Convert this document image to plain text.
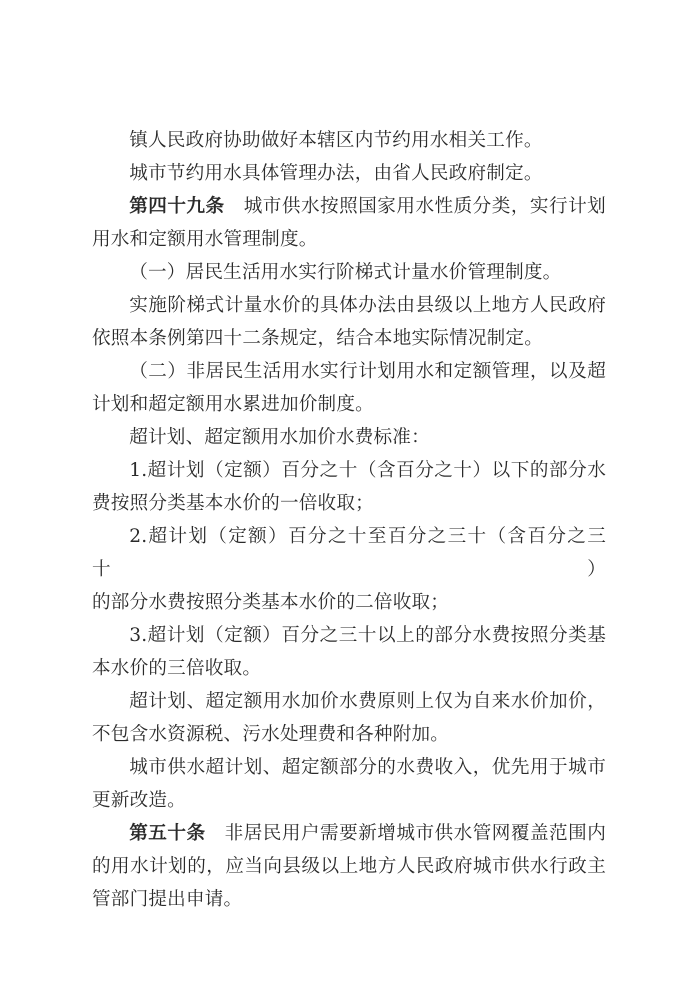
镇人民政府协助做好本辖区内节约用水相关工作。
城市节约用水具体管理办法，由省人民政府制定。
第四十九条　城市供水按照国家用水性质分类，实行计划
用水和定额用水管理制度。
（一）居民生活用水实行阶梯式计量水价管理制度。
实施阶梯式计量水价的具体办法由县级以上地方人民政府
依照本条例第四十二条规定，结合本地实际情况制定。
（二）非居民生活用水实行计划用水和定额管理，以及超
计划和超定额用水累进加价制度。
超计划、超定额用水加价水费标准：
1.超计划（定额）百分之十（含百分之十）以下的部分水
费按照分类基本水价的一倍收取；
2.超计划（定额）百分之十至百分之三十（含百分之三十）
的部分水费按照分类基本水价的二倍收取；
3.超计划（定额）百分之三十以上的部分水费按照分类基
本水价的三倍收取。
超计划、超定额用水加价水费原则上仅为自来水价加价，
不包含水资源税、污水处理费和各种附加。
城市供水超计划、超定额部分的水费收入，优先用于城市
更新改造。
第五十条　非居民用户需要新增城市供水管网覆盖范围内
的用水计划的，应当向县级以上地方人民政府城市供水行政主
管部门提出申请。
